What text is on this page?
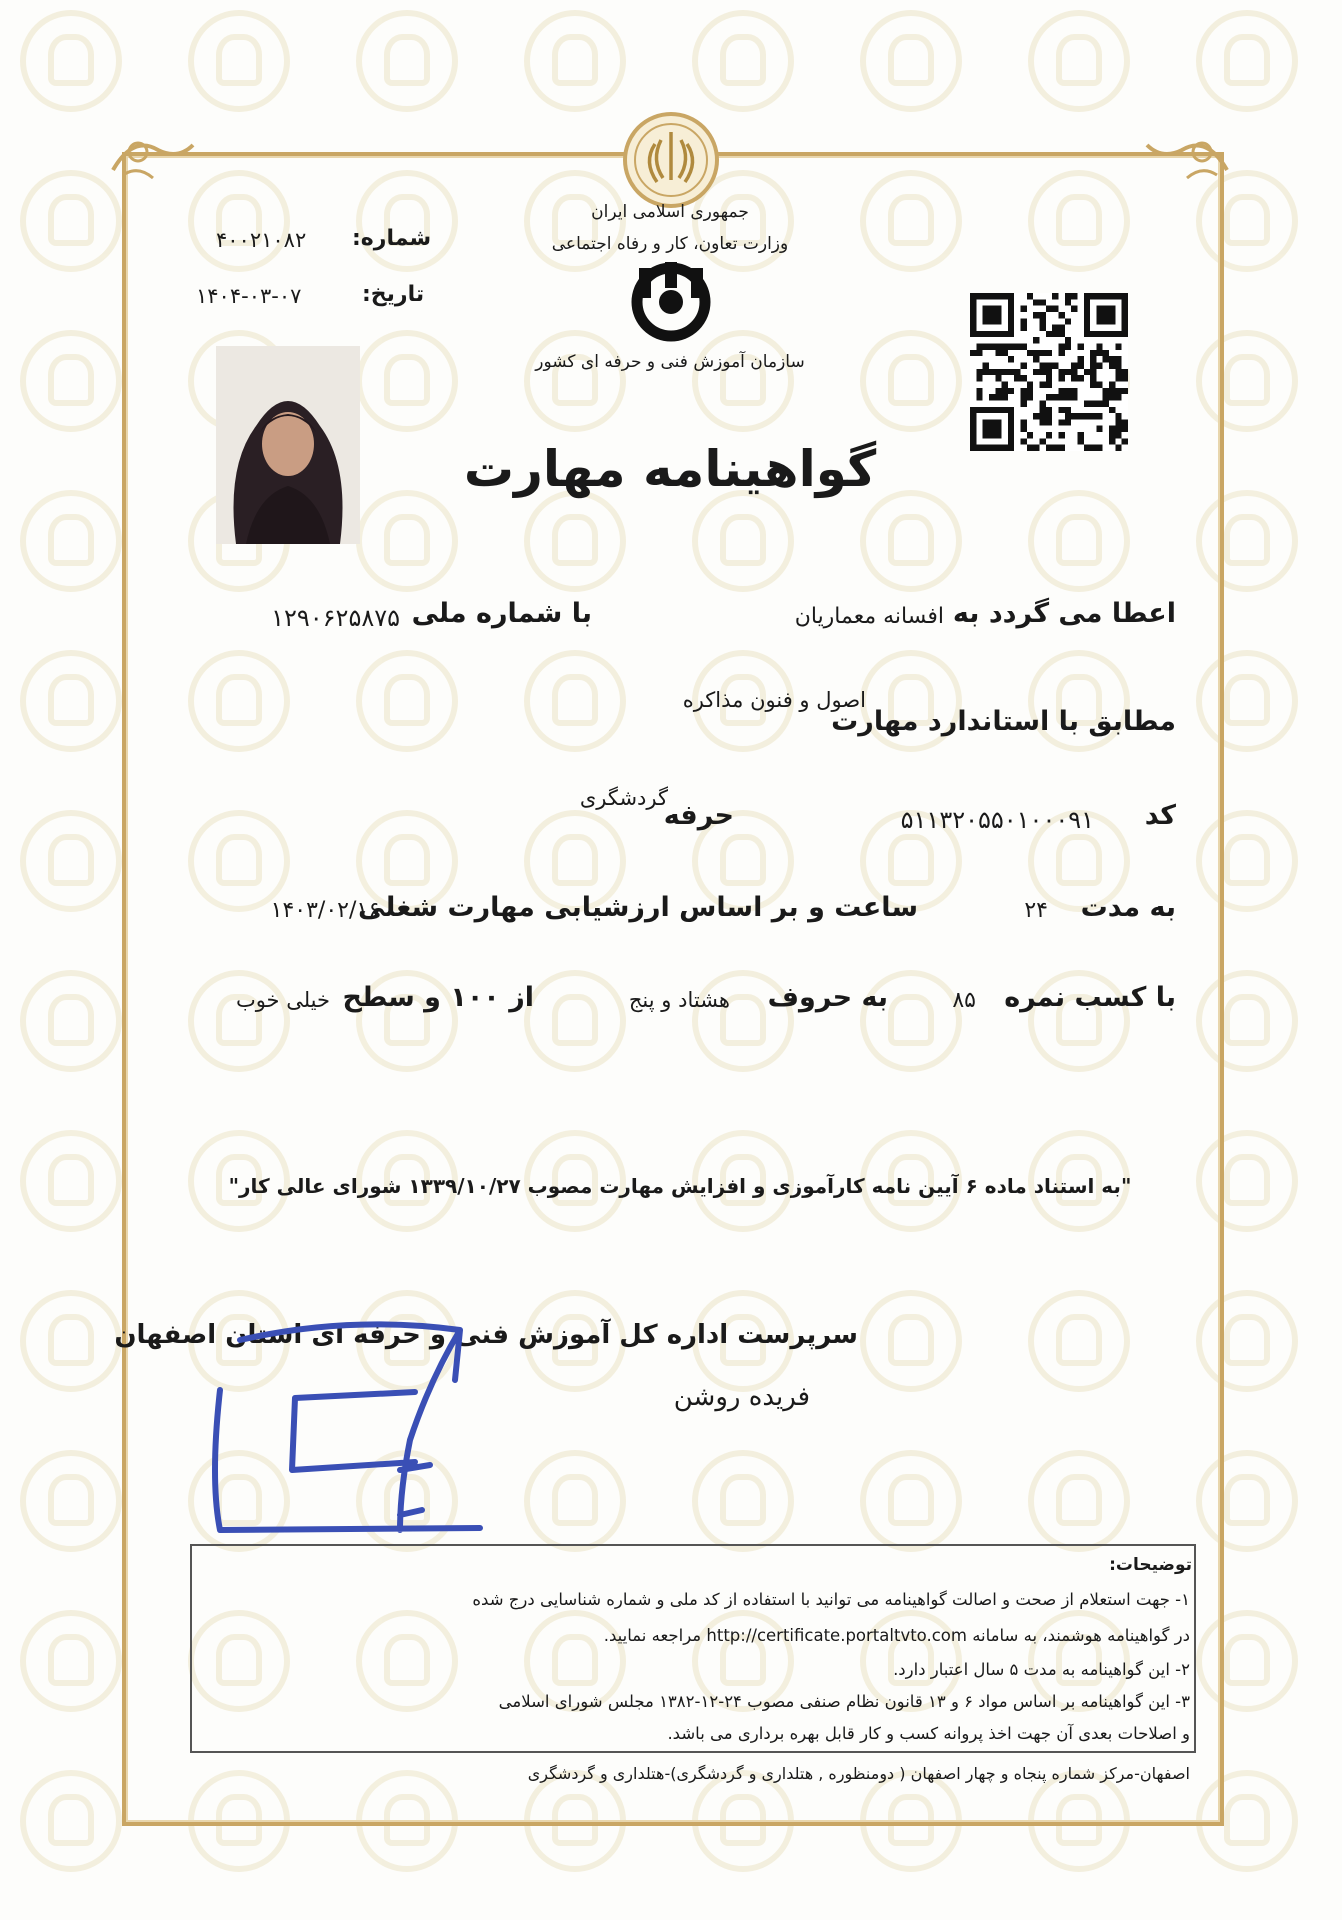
جمهوری اسلامی ایران
وزارت تعاون، کار و رفاه اجتماعی
سازمان آموزش فنی و حرفه ای کشور
شماره:
۴۰۰۲۱۰۸۲
تاریخ:
۱۴۰۴-۰۳-۰۷
گواهینامه مهارت
اعطا می گردد به
افسانه معماریان
با شماره ملی
۱۲۹۰۶۲۵۸۷۵
مطابق با استاندارد مهارت
اصول و فنون مذاکره
کد
۵۱۱۳۲۰۵۵۰۱۰۰۰۹۱
حرفه
گردشگری
به مدت
۲۴
ساعت و بر اساس ارزشیابی مهارت شغلی
۱۴۰۳/۰۲/۱۶
با کسب نمره
۸۵
به حروف
هشتاد و پنج
از ۱۰۰ و سطح
خیلی خوب
"به استناد ماده ۶ آیین نامه کارآموزی و افزایش مهارت مصوب ۱۳۳۹/۱۰/۲۷ شورای عالی کار"
سرپرست اداره کل آموزش فنی و حرفه ای استان اصفهان
فریده روشن
توضیحات:
۱- جهت استعلام از صحت و اصالت گواهینامه می توانید با استفاده از کد ملی و شماره شناسایی درج شده
در گواهینامه هوشمند، به سامانه http://certificate.portaltvto.com مراجعه نمایید.
۲- این گواهینامه به مدت ۵ سال اعتبار دارد.
۳- این گواهینامه بر اساس مواد ۶ و ۱۳ قانون نظام صنفی مصوب ۲۴-۱۲-۱۳۸۲ مجلس شورای اسلامی
و اصلاحات بعدی آن جهت اخذ پروانه کسب و کار قابل بهره برداری می باشد.
اصفهان-مرکز شماره پنجاه و چهار اصفهان ( دومنظوره , هتلداری و گردشگری)-هتلداری و گردشگری
